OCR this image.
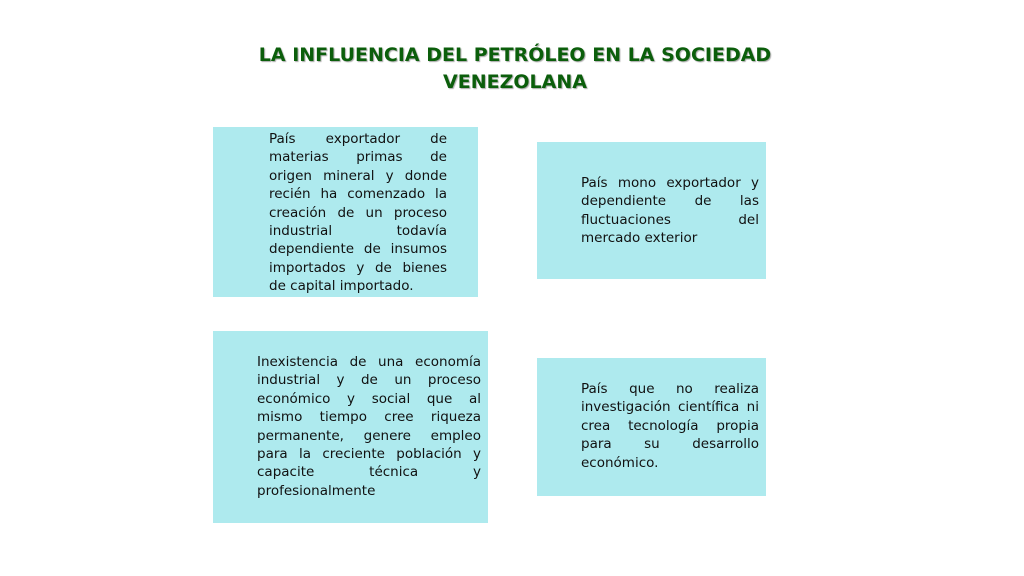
LA INFLUENCIA DEL PETRÓLEO EN LA SOCIEDAD
VENEZOLANA

País exportador de materias primas de origen mineral y donde recién ha comenzado la creación de un proceso industrial todavía dependiente de insumos importados y de bienes de capital importado.

País mono exportador y dependiente de las fluctuaciones del mercado exterior

Inexistencia de una economía industrial y de un proceso económico y social que al mismo tiempo cree riqueza permanente, genere empleo para la creciente población y capacite técnica y profesionalmente

País que no realiza investigación científica ni crea tecnología propia para su desarrollo económico.
